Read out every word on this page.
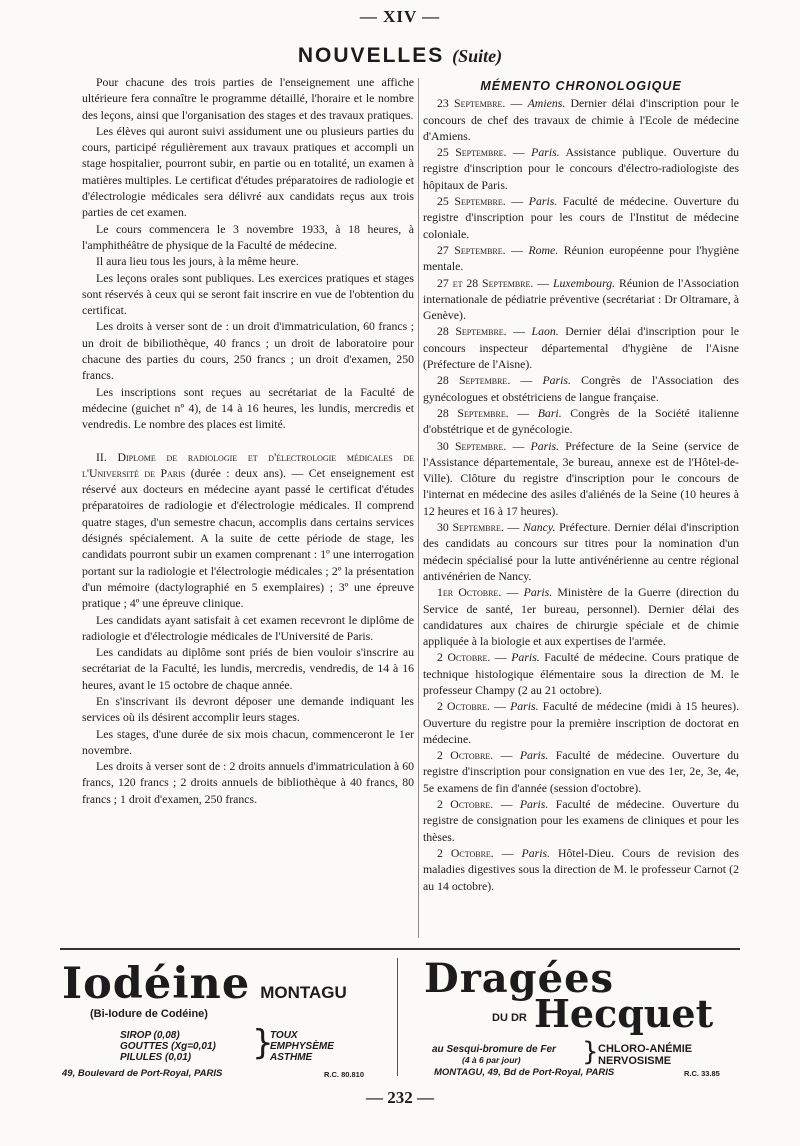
— XIV —
NOUVELLES (Suite)

Pour chacune des trois parties de l'enseignement une affiche ultérieure fera connaître le programme détaillé, l'horaire et le nombre des leçons, ainsi que l'organisation des stages et des travaux pratiques.

Les élèves qui auront suivi assidument une ou plusieurs parties du cours, participé régulièrement aux travaux pratiques et accompli un stage hospitalier, pourront subir, en partie ou en totalité, un examen à matières multiples. Le certificat d'études préparatoires de radiologie et d'électrologie médicales sera délivré aux candidats reçus aux trois parties de cet examen.

Le cours commencera le 3 novembre 1933, à 18 heures, à l'amphithéâtre de physique de la Faculté de médecine.

Il aura lieu tous les jours, à la même heure.

Les leçons orales sont publiques. Les exercices pratiques et stages sont réservés à ceux qui se seront fait inscrire en vue de l'obtention du certificat.

Les droits à verser sont de : un droit d'immatriculation, 60 francs ; un droit de bibiliothèque, 40 francs ; un droit de laboratoire pour chacune des parties du cours, 250 francs ; un droit d'examen, 250 francs.

Les inscriptions sont reçues au secrétariat de la Faculté de médecine (guichet nº 4), de 14 à 16 heures, les lundis, mercredis et vendredis. Le nombre des places est limité.

II. Diplome de radiologie et d'électrologie médicales de l'Université de Paris (durée : deux ans). — Cet enseignement est réservé aux docteurs en médecine ayant passé le certificat d'études préparatoires de radiologie et d'électrologie médicales. Il comprend quatre stages, d'un semestre chacun, accomplis dans certains services désignés spécialement. A la suite de cette période de stage, les candidats pourront subir un examen comprenant : 1º une interrogation portant sur la radiologie et l'électrologie médicales ; 2º la présentation d'un mémoire (dactylographié en 5 exemplaires) ; 3º une épreuve pratique ; 4º une épreuve clinique.

Les candidats ayant satisfait à cet examen recevront le diplôme de radiologie et d'électrologie médicales de l'Université de Paris.

Les candidats au diplôme sont priés de bien vouloir s'inscrire au secrétariat de la Faculté, les lundis, mercredis, vendredis, de 14 à 16 heures, avant le 15 octobre de chaque année.

En s'inscrivant ils devront déposer une demande indiquant les services où ils désirent accomplir leurs stages.

Les stages, d'une durée de six mois chacun, commenceront le 1er novembre.

Les droits à verser sont de : 2 droits annuels d'immatriculation à 60 francs, 120 francs ; 2 droits annuels de bibliothèque à 40 francs, 80 francs ; 1 droit d'examen, 250 francs.

MÉMENTO CHRONOLOGIQUE

23 Septembre. — Amiens. Dernier délai d'inscription pour le concours de chef des travaux de chimie à l'Ecole de médecine d'Amiens.

25 Septembre. — Paris. Assistance publique. Ouverture du registre d'inscription pour le concours d'électro-radiologiste des hôpitaux de Paris.

25 Septembre. — Paris. Faculté de médecine. Ouverture du registre d'inscription pour les cours de l'Institut de médecine coloniale.

27 Septembre. — Rome. Réunion européenne pour l'hygiène mentale.

27 et 28 Septembre. — Luxembourg. Réunion de l'Association internationale de pédiatrie préventive (secrétariat : Dr Oltramare, à Genève).

28 Septembre. — Laon. Dernier délai d'inscription pour le concours inspecteur départemental d'hygiène de l'Aisne (Préfecture de l'Aisne).

28 Septembre. — Paris. Congrès de l'Association des gynécologues et obstétriciens de langue française.

28 Septembre. — Bari. Congrès de la Société italienne d'obstétrique et de gynécologie.

30 Septembre. — Paris. Préfecture de la Seine (service de l'Assistance départementale, 3e bureau, annexe est de l'Hôtel-de-Ville). Clôture du registre d'inscription pour le concours de l'internat en médecine des asiles d'aliénés de la Seine (10 heures à 12 heures et 16 à 17 heures).

30 Septembre. — Nancy. Préfecture. Dernier délai d'inscription des candidats au concours sur titres pour la nomination d'un médecin spécialisé pour la lutte antivénérienne au centre régional antivénérien de Nancy.

1er Octobre. — Paris. Ministère de la Guerre (direction du Service de santé, 1er bureau, personnel). Dernier délai des candidatures aux chaires de chirurgie spéciale et de chimie appliquée à la biologie et aux expertises de l'armée.

2 Octobre. — Paris. Faculté de médecine. Cours pratique de technique histologique élémentaire sous la direction de M. le professeur Champy (2 au 21 octobre).

2 Octobre. — Paris. Faculté de médecine (midi à 15 heures). Ouverture du registre pour la première inscription de doctorat en médecine.

2 Octobre. — Paris. Faculté de médecine. Ouverture du registre d'inscription pour consignation en vue des 1er, 2e, 3e, 4e, 5e examens de fin d'année (session d'octobre).

2 Octobre. — Paris. Faculté de médecine. Ouverture du registre de consignation pour les examens de cliniques et pour les thèses.

2 Octobre. — Paris. Hôtel-Dieu. Cours de revision des maladies digestives sous la direction de M. le professeur Carnot (2 au 14 octobre).

Iodéine MONTAGU
(Bi-Iodure de Codéine)
SIROP (0,08)
GOUTTES (Xg=0,01)
PILULES (0,01)	}
TOUX
EMPHYSÈME
ASTHME
49, Boulevard de Port-Royal, PARIS	R.C. 80.810
Dragées
DU DR Hecquet
au Sesqui-bromure de Fer
(4 à 6 par jour)	} CHLORO-ANÉMIE
NERVOSISME
MONTAGU, 49, Bd de Port-Royal, PARIS	R.C. 33.85
— 232 —
